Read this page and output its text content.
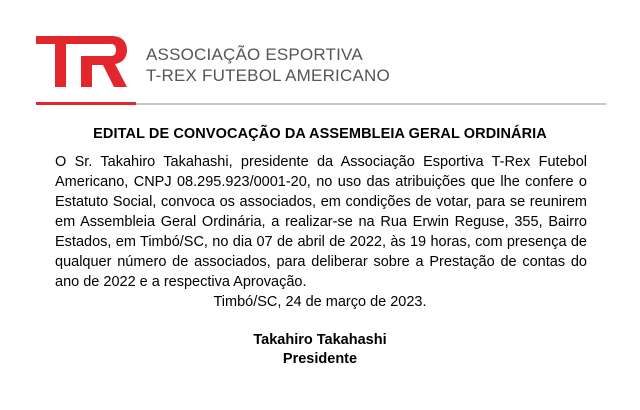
ASSOCIAÇÃO ESPORTIVA
T-REX FUTEBOL AMERICANO
EDITAL DE CONVOCAÇÃO DA ASSEMBLEIA GERAL ORDINÁRIA

O Sr. Takahiro Takahashi, presidente da Associação Esportiva T-Rex Futebol Americano, CNPJ 08.295.923/0001-20, no uso das atribuições que lhe confere o Estatuto Social, convoca os associados, em condições de votar, para se reunirem em Assembleia Geral Ordinária, a realizar-se na Rua Erwin Reguse, 355, Bairro Estados, em Timbó/SC, no dia 07 de abril de 2022, às 19 horas, com presença de qualquer número de associados, para deliberar sobre a Prestação de contas do ano de 2022 e a respectiva Aprovação.

Timbó/SC, 24 de março de 2023.
Takahiro Takahashi
Presidente
